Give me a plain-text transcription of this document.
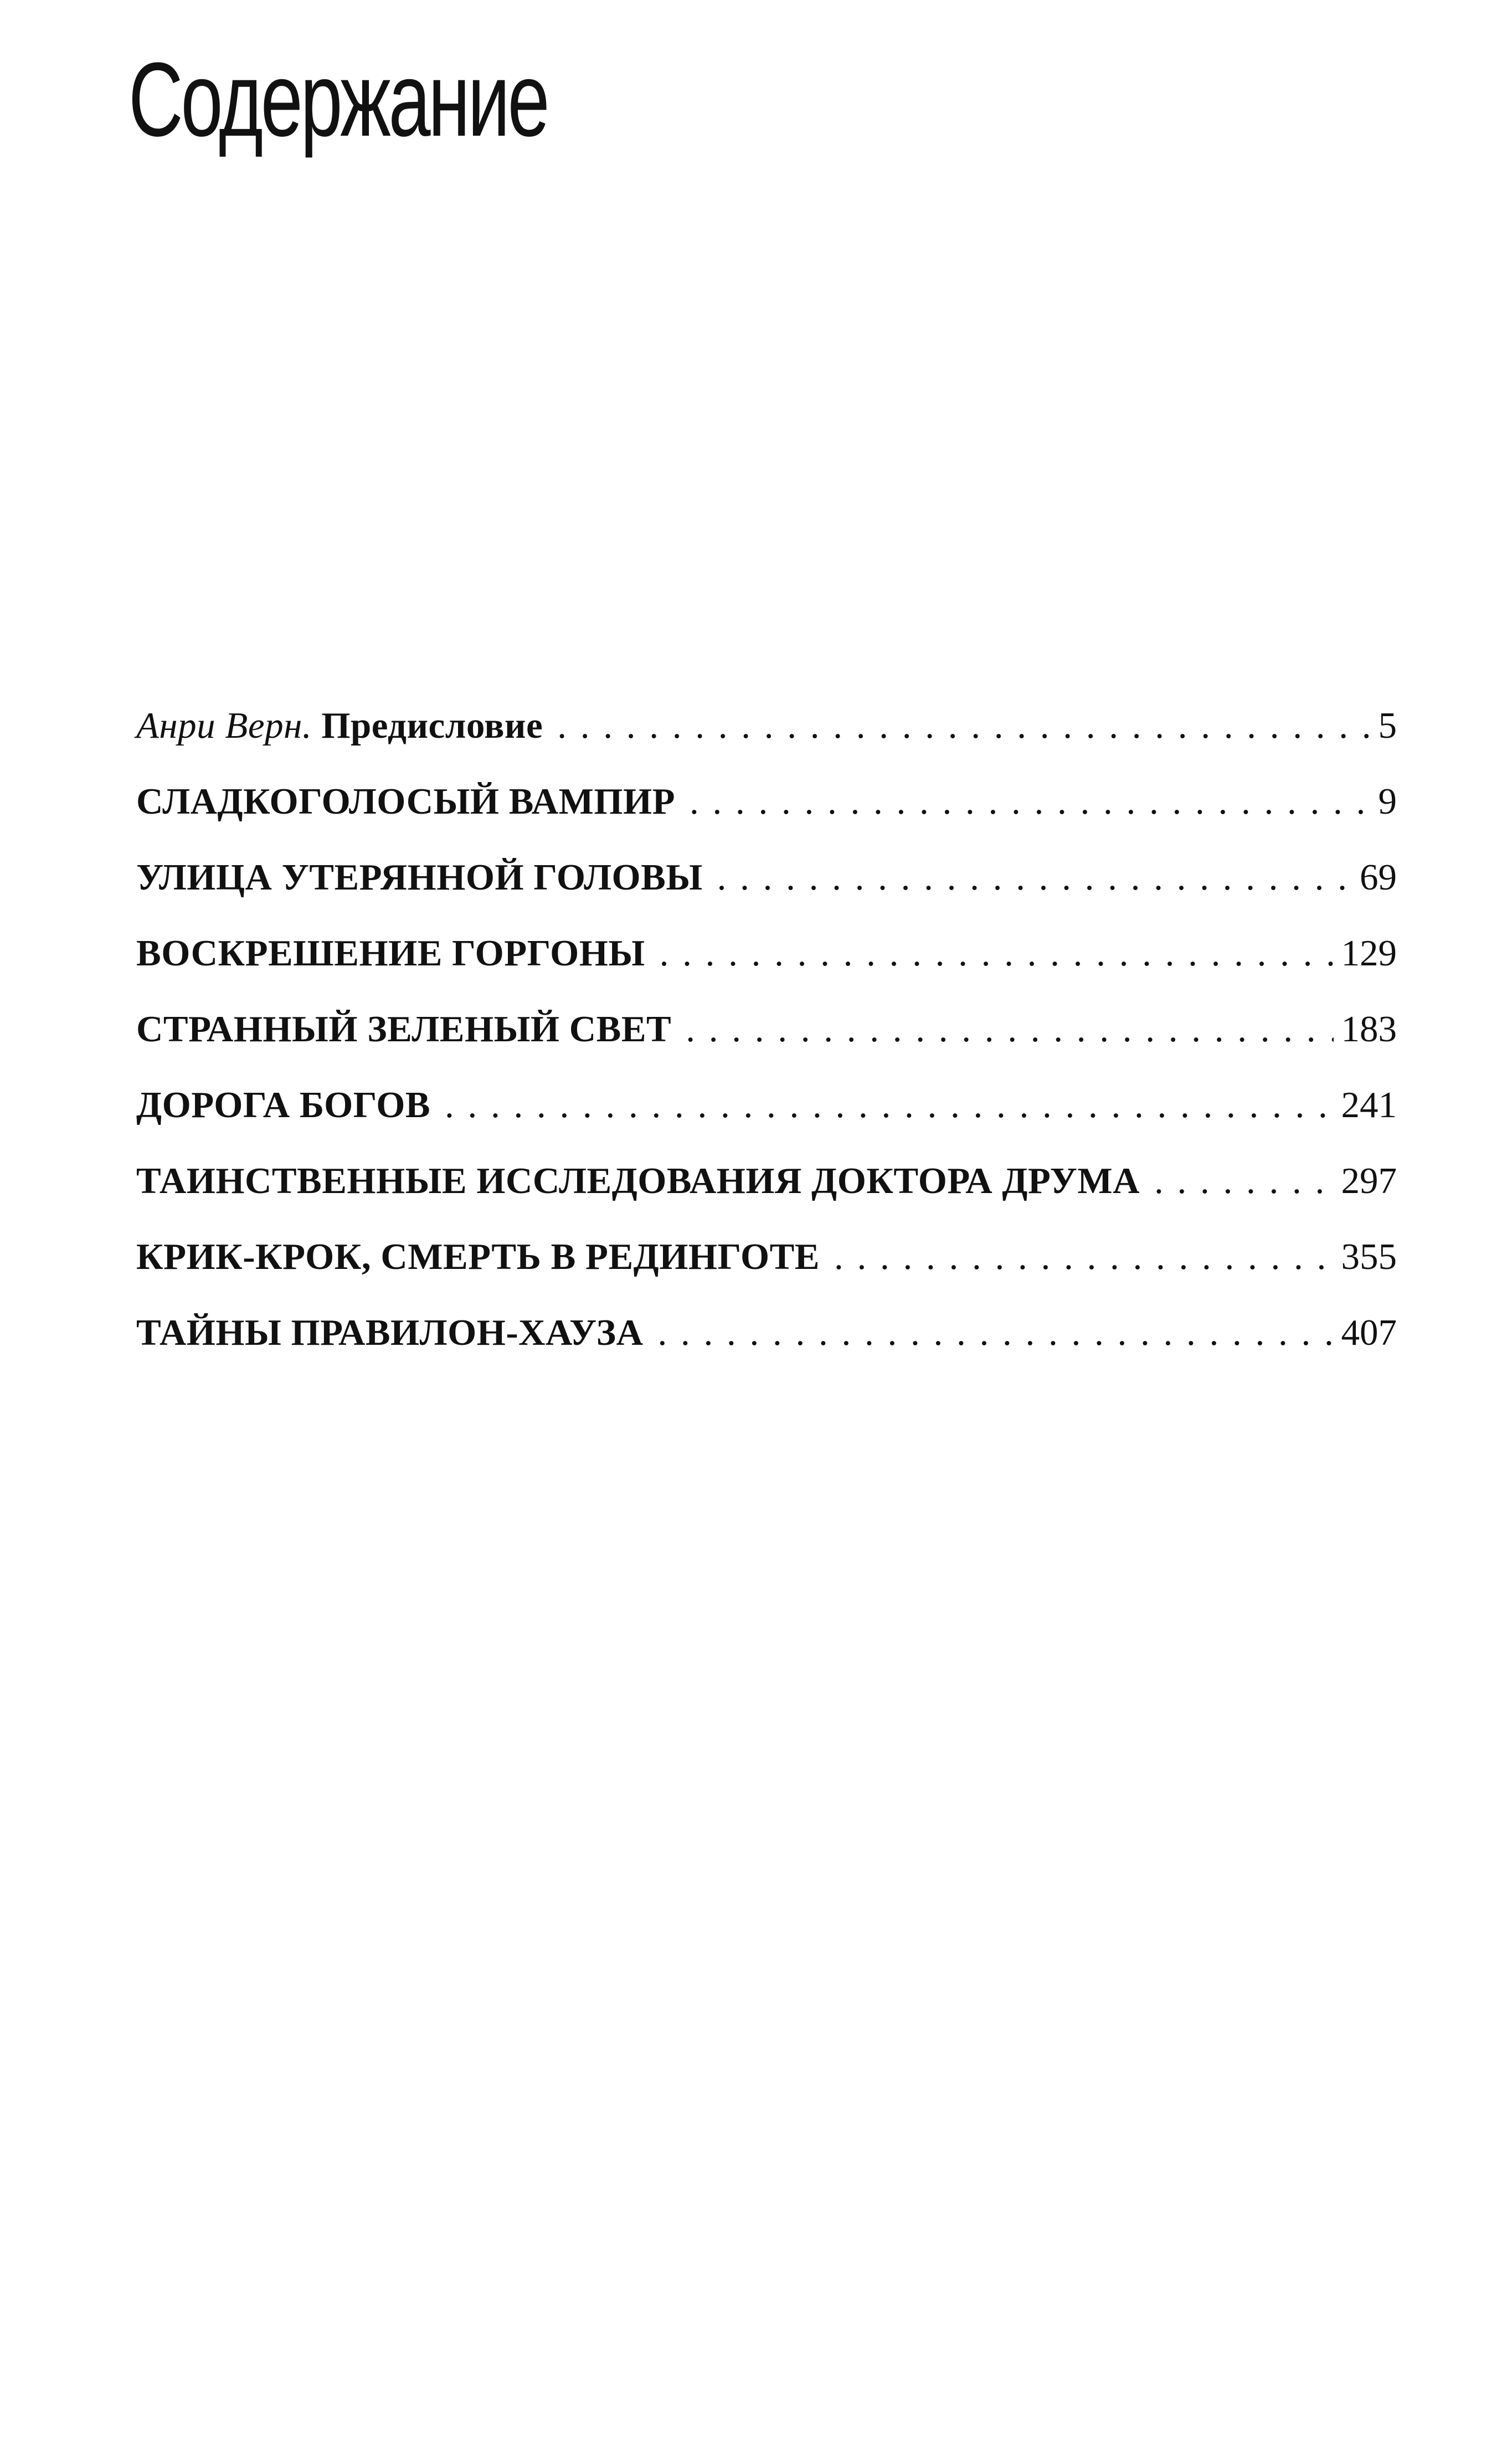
Содержание
Анри Верн. Предисловие . . .	5
СЛАДКОГОЛОСЫЙ ВАМПИР . . .	9
УЛИЦА УТЕРЯННОЙ ГОЛОВЫ . . .	69
ВОСКРЕШЕНИЕ ГОРГОНЫ . . .	129
СТРАННЫЙ ЗЕЛЕНЫЙ СВЕТ . . .	183
ДОРОГА БОГОВ . . .	241
ТАИНСТВЕННЫЕ ИССЛЕДОВАНИЯ ДОКТОРА ДРУМА . . .	297
КРИК-КРОК, СМЕРТЬ В РЕДИНГОТЕ . . .	355
ТАЙНЫ ПРАВИЛОН-ХАУЗА . . .	407
